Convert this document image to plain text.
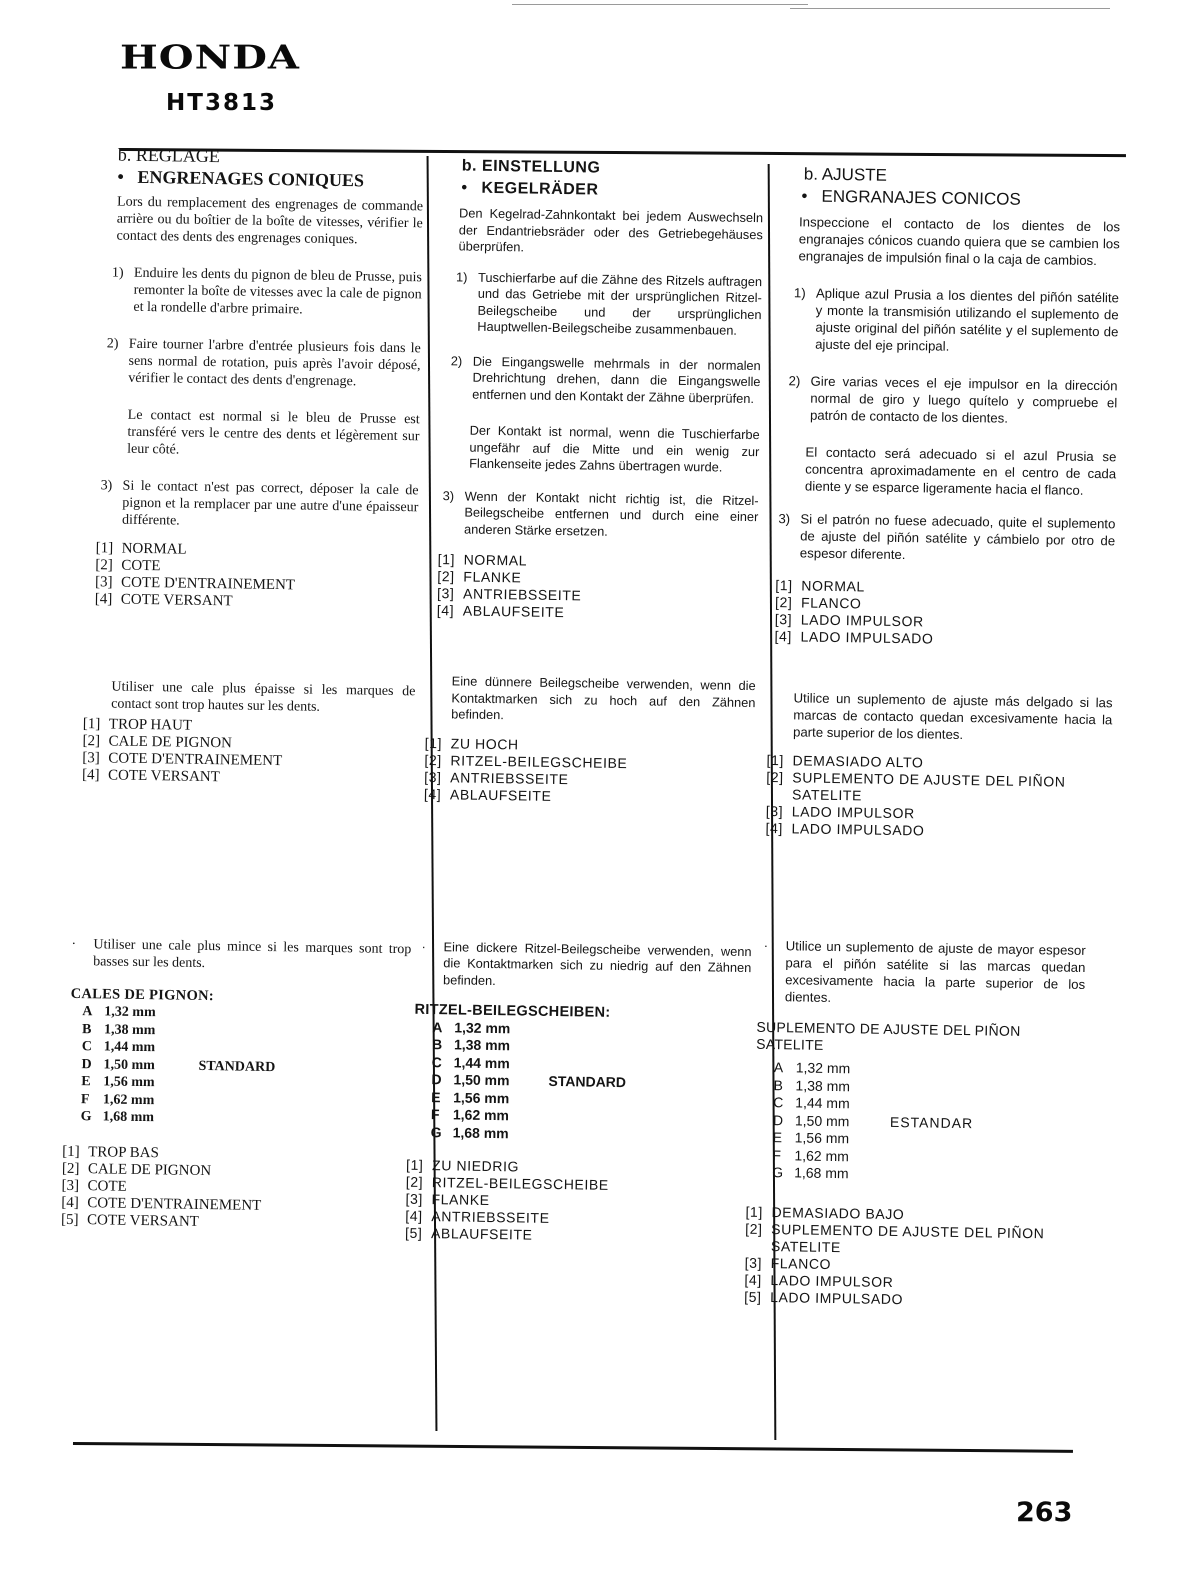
HONDA
HT3813
b. REGLAGE
• ENGRENAGES CONIQUES
Lors du remplacement des engrenages de commande arrière ou du boîtier de la boîte de vitesses, vérifier le contact des dents des engrenages coniques.
1) Enduire les dents du pignon de bleu de Prusse, puis remonter la boîte de vitesses avec la cale de pignon et la rondelle d'arbre primaire.
2) Faire tourner l'arbre d'entrée plusieurs fois dans le sens normal de rotation, puis après l'avoir déposé, vérifier le contact des dents d'engrenage.
Le contact est normal si le bleu de Prusse est transféré vers le centre des dents et légèrement sur leur côté.
3) Si le contact n'est pas correct, déposer la cale de pignon et la remplacer par une autre d'une épaisseur différente.
[1] NORMAL
[2] COTE
[3] COTE D'ENTRAINEMENT
[4] COTE VERSANT
Utiliser une cale plus épaisse si les marques de contact sont trop hautes sur les dents.
[1] TROP HAUT
[2] CALE DE PIGNON
[3] COTE D'ENTRAINEMENT
[4] COTE VERSANT
·	Utiliser une cale plus mince si les marques sont trop basses sur les dents.
CALES DE PIGNON:
A 1,32 mm
B 1,38 mm
C 1,44 mm
D 1,50 mm	STANDARD
E 1,56 mm
F 1,62 mm
G 1,68 mm
[1] TROP BAS
[2] CALE DE PIGNON
[3] COTE
[4] COTE D'ENTRAINEMENT
[5] COTE VERSANT
b. EINSTELLUNG
• KEGELRÄDER
Den Kegelrad-Zahnkontakt bei jedem Auswechseln der Endantriebsräder oder des Getriebegehäuses überprüfen.
1) Tuschierfarbe auf die Zähne des Ritzels auftragen und das Getriebe mit der ursprünglichen Ritzel-Beilegscheibe und der ursprünglichen Hauptwellen-Beilegscheibe zusammenbauen.
2) Die Eingangswelle mehrmals in der normalen Drehrichtung drehen, dann die Eingangswelle entfernen und den Kontakt der Zähne überprüfen.
Der Kontakt ist normal, wenn die Tuschierfarbe ungefähr auf die Mitte und ein wenig zur Flankenseite jedes Zahns übertragen wurde.
3) Wenn der Kontakt nicht richtig ist, die Ritzel-Beilegscheibe entfernen und durch eine einer anderen Stärke ersetzen.
[1] NORMAL
[2] FLANKE
[3] ANTRIEBSSEITE
[4] ABLAUFSEITE
Eine dünnere Beilegscheibe verwenden, wenn die Kontaktmarken sich zu hoch auf den Zähnen befinden.
[1] ZU HOCH
[2] RITZEL-BEILEGSCHEIBE
[3] ANTRIEBSSEITE
[4] ABLAUFSEITE
·	Eine dickere Ritzel-Beilegscheibe verwenden, wenn die Kontaktmarken sich zu niedrig auf den Zähnen befinden.
RITZEL-BEILEGSCHEIBEN:
A 1,32 mm
B 1,38 mm
C 1,44 mm
D 1,50 mm	STANDARD
E 1,56 mm
F 1,62 mm
G 1,68 mm
[1] ZU NIEDRIG
[2] RITZEL-BEILEGSCHEIBE
[3] FLANKE
[4] ANTRIEBSSEITE
[5] ABLAUFSEITE
b. AJUSTE
• ENGRANAJES CONICOS
Inspeccione el contacto de los dientes de los engranajes cónicos cuando quiera que se cambien los engranajes de impulsión final o la caja de cambios.
1) Aplique azul Prusia a los dientes del piñón satélite y monte la transmisión utilizando el suplemento de ajuste original del piñón satélite y el suplemento de ajuste del eje principal.
2) Gire varias veces el eje impulsor en la dirección normal de giro y luego quítelo y compruebe el patrón de contacto de los dientes.
El contacto será adecuado si el azul Prusia se concentra aproximadamente en el centro de cada diente y se esparce ligeramente hacia el flanco.
3) Si el patrón no fuese adecuado, quite el suplemento de ajuste del piñón satélite y cámbielo por otro de espesor diferente.
[1] NORMAL
[2] FLANCO
[3] LADO IMPULSOR
[4] LADO IMPULSADO
Utilice un suplemento de ajuste más delgado si las marcas de contacto quedan excesivamente hacia la parte superior de los dientes.
[1] DEMASIADO ALTO
[2] SUPLEMENTO DE AJUSTE DEL PIÑON SATELITE
[3] LADO IMPULSOR
[4] LADO IMPULSADO
·	Utilice un suplemento de ajuste de mayor espesor para el piñón satélite si las marcas quedan excesivamente hacia la parte superior de los dientes.
SUPLEMENTO DE AJUSTE DEL PIÑON SATELITE
A 1,32 mm
B 1,38 mm
C 1,44 mm
D 1,50 mm	ESTANDAR
E 1,56 mm
F 1,62 mm
G 1,68 mm
[1] DEMASIADO BAJO
[2] SUPLEMENTO DE AJUSTE DEL PIÑON SATELITE
[3] FLANCO
[4] LADO IMPULSOR
[5] LADO IMPULSADO
263
